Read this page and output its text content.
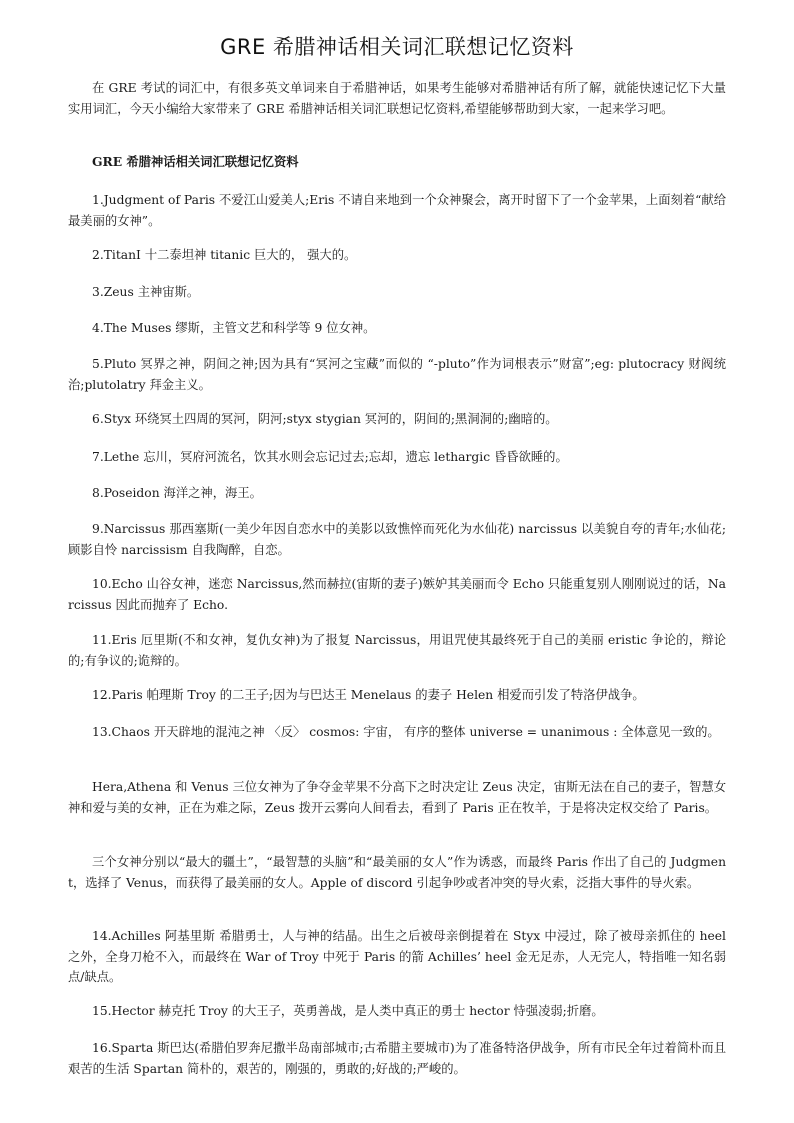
GRE 希腊神话相关词汇联想记忆资料

在 GRE 考试的词汇中，有很多英文单词来自于希腊神话，如果考生能够对希腊神话有所了解，就能快速记忆下大量实用词汇，今天小编给大家带来了 GRE 希腊神话相关词汇联想记忆资料,希望能够帮助到大家，一起来学习吧。

GRE 希腊神话相关词汇联想记忆资料

1.Judgment of Paris 不爱江山爱美人;Eris 不请自来地到一个众神聚会，离开时留下了一个金苹果，上面刻着“献给最美丽的女神”。

2.TitanI 十二泰坦神 titanic 巨大的， 强大的。

3.Zeus 主神宙斯。

4.The Muses 缪斯，主管文艺和科学等 9 位女神。

5.Pluto 冥界之神，阴间之神;因为具有“冥河之宝藏”而似的 “-pluto”作为词根表示”财富”;eg: plutocracy 财阀统治;plutolatry 拜金主义。

6.Styx 环绕冥土四周的冥河，阴河;styx stygian 冥河的，阴间的;黑洞洞的;幽暗的。

7.Lethe 忘川，冥府河流名，饮其水则会忘记过去;忘却，遗忘 lethargic 昏昏欲睡的。

8.Poseidon 海洋之神，海王。

9.Narcissus 那西塞斯(一美少年因自恋水中的美影以致憔悴而死化为水仙花) narcissus 以美貌自夸的青年;水仙花;顾影自怜 narcissism 自我陶醉，自恋。

10.Echo 山谷女神，迷恋 Narcissus,然而赫拉(宙斯的妻子)嫉妒其美丽而令 Echo 只能重复别人刚刚说过的话，Narcissus 因此而抛弃了 Echo.

11.Eris 厄里斯(不和女神，复仇女神)为了报复 Narcissus，用诅咒使其最终死于自己的美丽 eristic 争论的，辩论的;有争议的;诡辩的。

12.Paris 帕理斯 Troy 的二王子;因为与巴达王 Menelaus 的妻子 Helen 相爱而引发了特洛伊战争。

13.Chaos 开天辟地的混沌之神 〈反〉 cosmos: 宇宙， 有序的整体 universe = unanimous : 全体意见一致的。

Hera,Athena 和 Venus 三位女神为了争夺金苹果不分高下之时决定让 Zeus 决定，宙斯无法在自己的妻子，智慧女神和爱与美的女神，正在为难之际，Zeus 拨开云雾向人间看去，看到了 Paris 正在牧羊，于是将决定权交给了 Paris。

三个女神分别以“最大的疆土”，“最智慧的头脑”和“最美丽的女人”作为诱惑，而最终 Paris 作出了自己的 Judgment，选择了 Venus，而获得了最美丽的女人。Apple of discord 引起争吵或者冲突的导火索，泛指大事件的导火索。

14.Achilles 阿基里斯 希腊勇士，人与神的结晶。出生之后被母亲倒提着在 Styx 中浸过，除了被母亲抓住的 heel 之外，全身刀枪不入，而最终在 War of Troy 中死于 Paris 的箭 Achilles’ heel 金无足赤，人无完人，特指唯一知名弱点/缺点。

15.Hector 赫克托 Troy 的大王子，英勇善战，是人类中真正的勇士 hector 恃强凌弱;折磨。

16.Sparta 斯巴达(希腊伯罗奔尼撒半岛南部城市;古希腊主要城市)为了准备特洛伊战争，所有市民全年过着简朴而且艰苦的生活 Spartan 简朴的，艰苦的，刚强的，勇敢的;好战的;严峻的。
